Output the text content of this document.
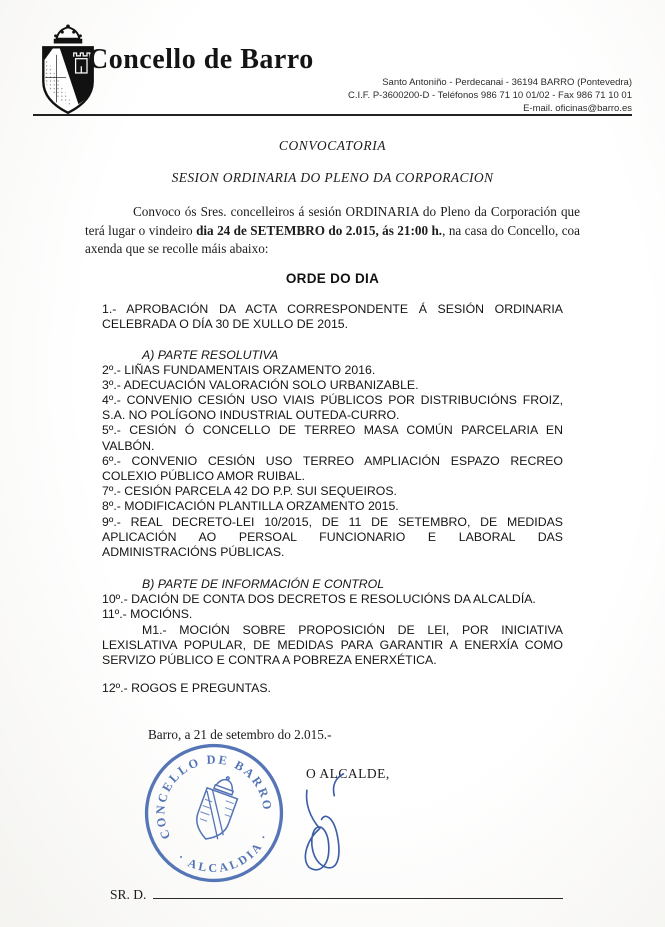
Concello de Barro
Santo Antoniño - Perdecanai - 36194 BARRO (Pontevedra)
C.I.F. P-3600200-D - Teléfonos 986 71 10 01/02 - Fax 986 71 10 01
E-mail. oficinas@barro.es

CONVOCATORIA

SESION ORDINARIA DO PLENO DA CORPORACION

Convoco ós Sres. concelleiros á sesión ORDINARIA do Pleno da Corporación que terá lugar o vindeiro dia 24 de SETEMBRO do 2.015, ás 21:00 h., na casa do Concello, coa axenda que se recolle máis abaixo:

ORDE DO DIA

1.- APROBACIÓN DA ACTA CORRESPONDENTE Á SESIÓN ORDINARIA CELEBRADA O DÍA 30 DE XULLO DE 2015.

A) PARTE RESOLUTIVA

2º.- LIÑAS FUNDAMENTAIS ORZAMENTO 2016.

3º.- ADECUACIÓN VALORACIÓN SOLO URBANIZABLE.

4º.- CONVENIO CESIÓN USO VIAIS PÚBLICOS POR DISTRIBUCIÓNS FROIZ, S.A. NO POLÍGONO INDUSTRIAL OUTEDA-CURRO.

5º.- CESIÓN Ó CONCELLO DE TERREO MASA COMÚN PARCELARIA EN VALBÓN.

6º.- CONVENIO CESIÓN USO TERREO AMPLIACIÓN ESPAZO RECREO COLEXIO PÚBLICO AMOR RUIBAL.

7º.- CESIÓN PARCELA 42 DO P.P. SUI SEQUEIROS.

8º.- MODIFICACIÓN PLANTILLA ORZAMENTO 2015.

9º.- REAL DECRETO-LEI 10/2015, DE 11 DE SETEMBRO, DE MEDIDAS APLICACIÓN AO PERSOAL FUNCIONARIO E LABORAL DAS ADMINISTRACIÓNS PÚBLICAS.

B) PARTE DE INFORMACIÓN E CONTROL

10º.- DACIÓN DE CONTA DOS DECRETOS E RESOLUCIÓNS DA ALCALDÍA.

11º.- MOCIÓNS.

M1.- MOCIÓN SOBRE PROPOSICIÓN DE LEI, POR INICIATIVA LEXISLATIVA POPULAR, DE MEDIDAS PARA GARANTIR A ENERXÍA COMO SERVIZO PÚBLICO E CONTRA A POBREZA ENERXÉTICA.

12º.- ROGOS E PREGUNTAS.

Barro, a 21 de setembro do 2.015.-

O ALCALDE,

CONCELLO DE BARRO
· ALCALDIA ·
SR. D.
